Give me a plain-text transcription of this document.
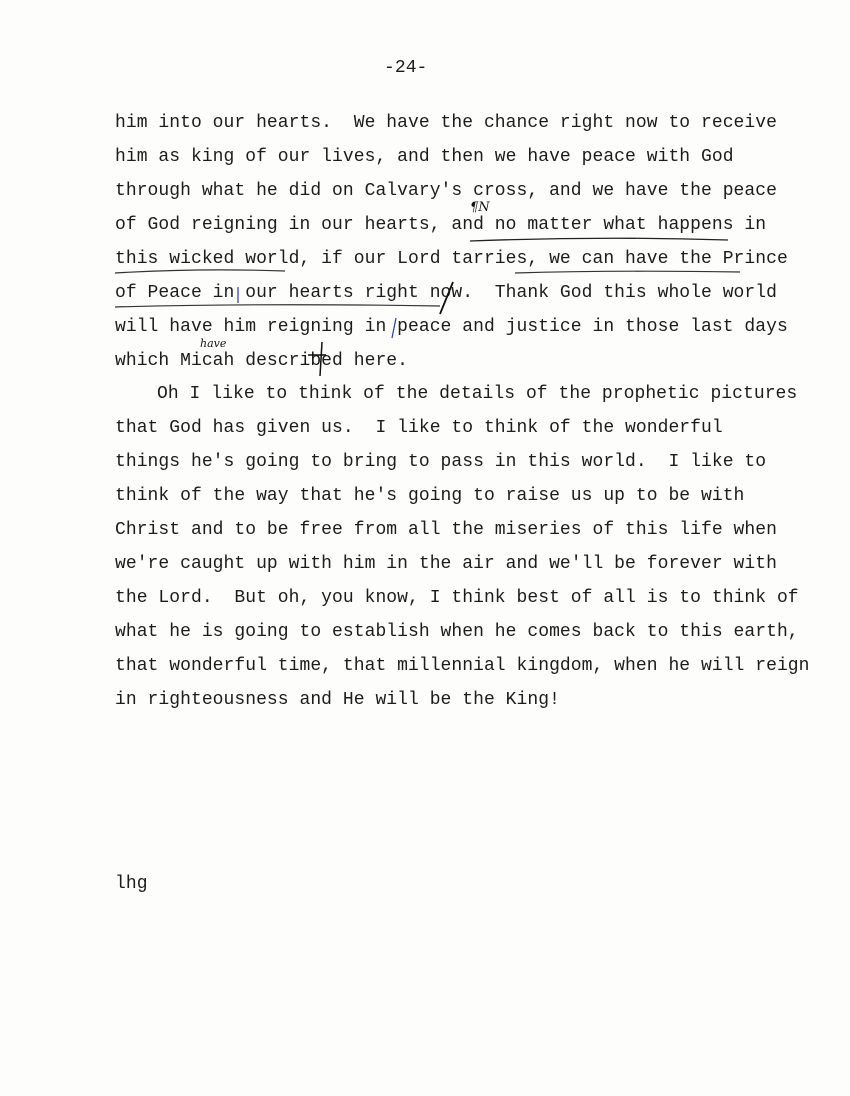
-24-
him into our hearts.  We have the chance right now to receive
him as king of our lives, and then we have peace with God
through what he did on Calvary's cross, and we have the peace
of God reigning in our hearts, and no matter what happens in
this wicked world, if our Lord tarries, we can have the Prince
of Peace in our hearts right now.  Thank God this whole world
will have him reigning in peace and justice in those last days
which Micah described here.
Oh I like to think of the details of the prophetic pictures
that God has given us.  I like to think of the wonderful
things he's going to bring to pass in this world.  I like to
think of the way that he's going to raise us up to be with
Christ and to be free from all the miseries of this life when
we're caught up with him in the air and we'll be forever with
the Lord.  But oh, you know, I think best of all is to think of
what he is going to establish when he comes back to this earth,
that wonderful time, that millennial kingdom, when he will reign
in righteousness and He will be the King!
lhg
¶N
have
